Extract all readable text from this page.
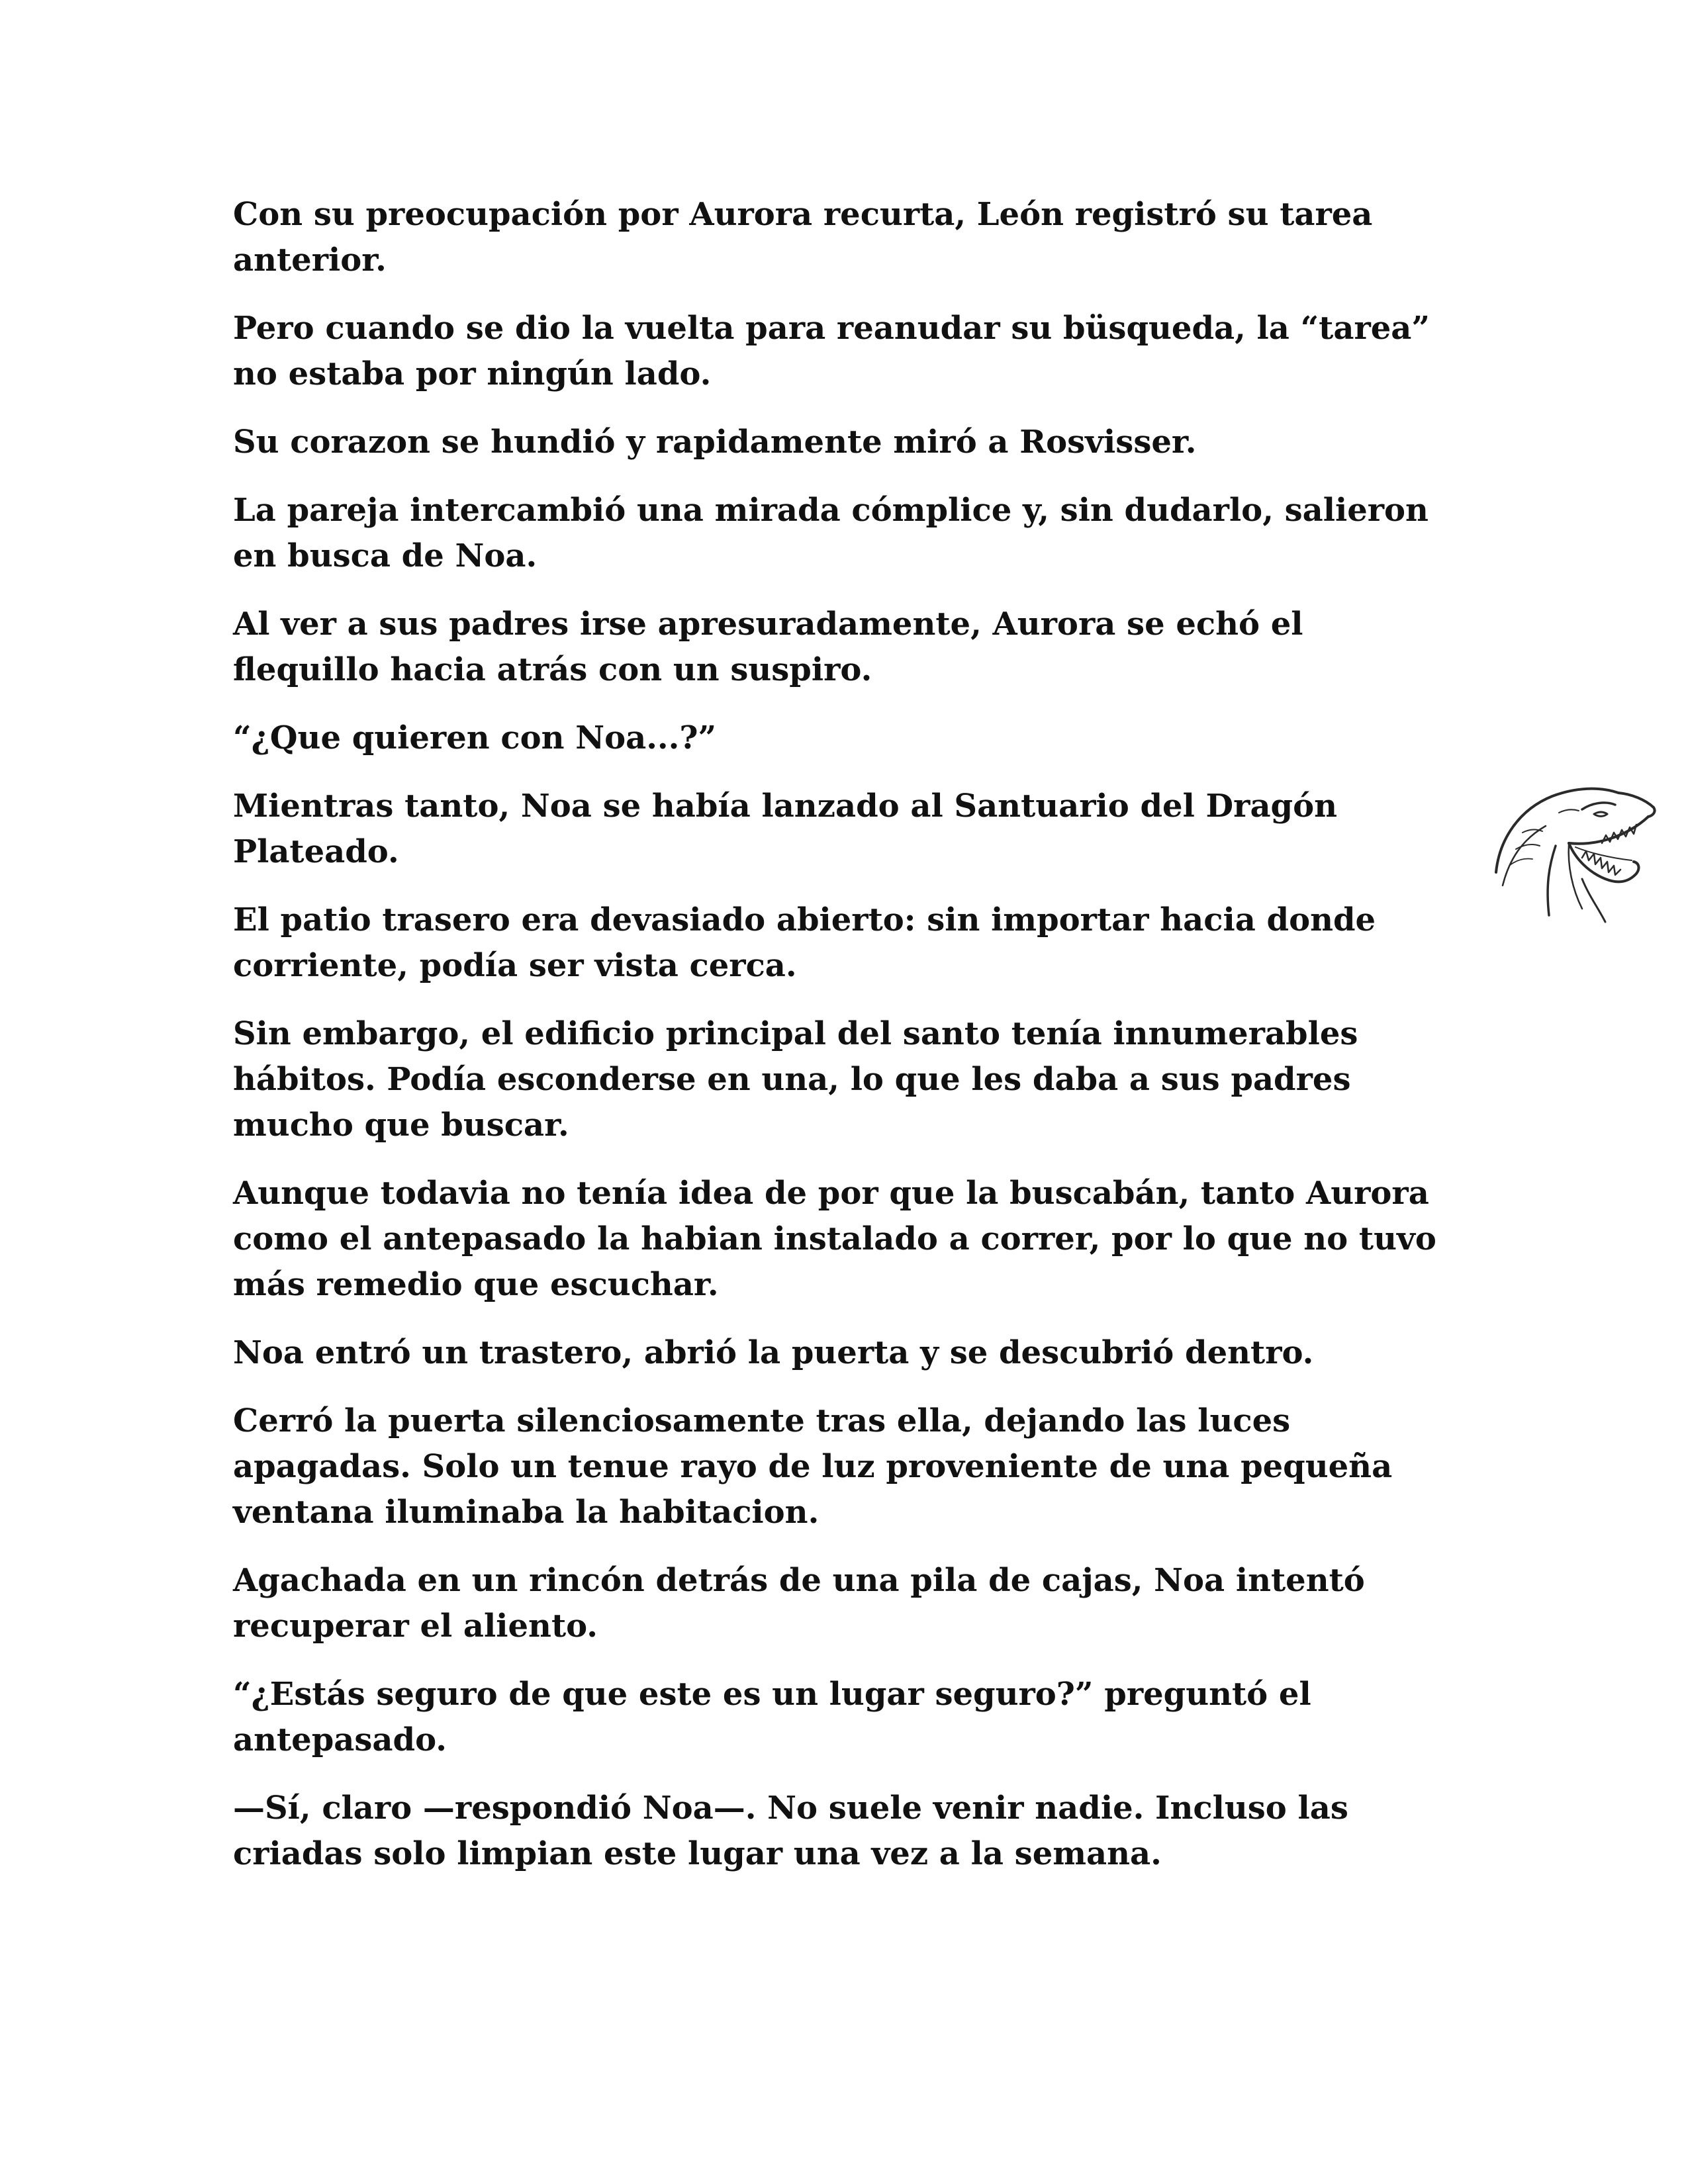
Con su preocupación por Aurora recurta, León registró su tarea anterior.

Pero cuando se dio la vuelta para reanudar su büsqueda, la “tarea” no estaba por ningún lado.

Su corazon se hundió y rapidamente miró a Rosvisser.

La pareja intercambió una mirada cómplice y, sin dudarlo, salieron en busca de Noa.

Al ver a sus padres irse apresuradamente, Aurora se echó el flequillo hacia atrás con un suspiro.

“¿Que quieren con Noa...?”

Mientras tanto, Noa se había lanzado al Santuario del Dragón Plateado.

El patio trasero era devasiado abierto: sin importar hacia donde corriente, podía ser vista cerca.

Sin embargo, el edificio principal del santo tenía innumerables hábitos. Podía esconderse en una, lo que les daba a sus padres mucho que buscar.

Aunque todavia no tenía idea de por que la buscabán, tanto Aurora como el antepasado la habian instalado a correr, por lo que no tuvo más remedio que escuchar.

Noa entró un trastero, abrió la puerta y se descubrió dentro.

Cerró la puerta silenciosamente tras ella, dejando las luces apagadas. Solo un tenue rayo de luz proveniente de una pequeña ventana iluminaba la habitacion.

Agachada en un rincón detrás de una pila de cajas, Noa intentó recuperar el aliento.

“¿Estás seguro de que este es un lugar seguro?” preguntó el antepasado.

—Sí, claro —respondió Noa—. No suele venir nadie. Incluso las criadas solo limpian este lugar una vez a la semana.
